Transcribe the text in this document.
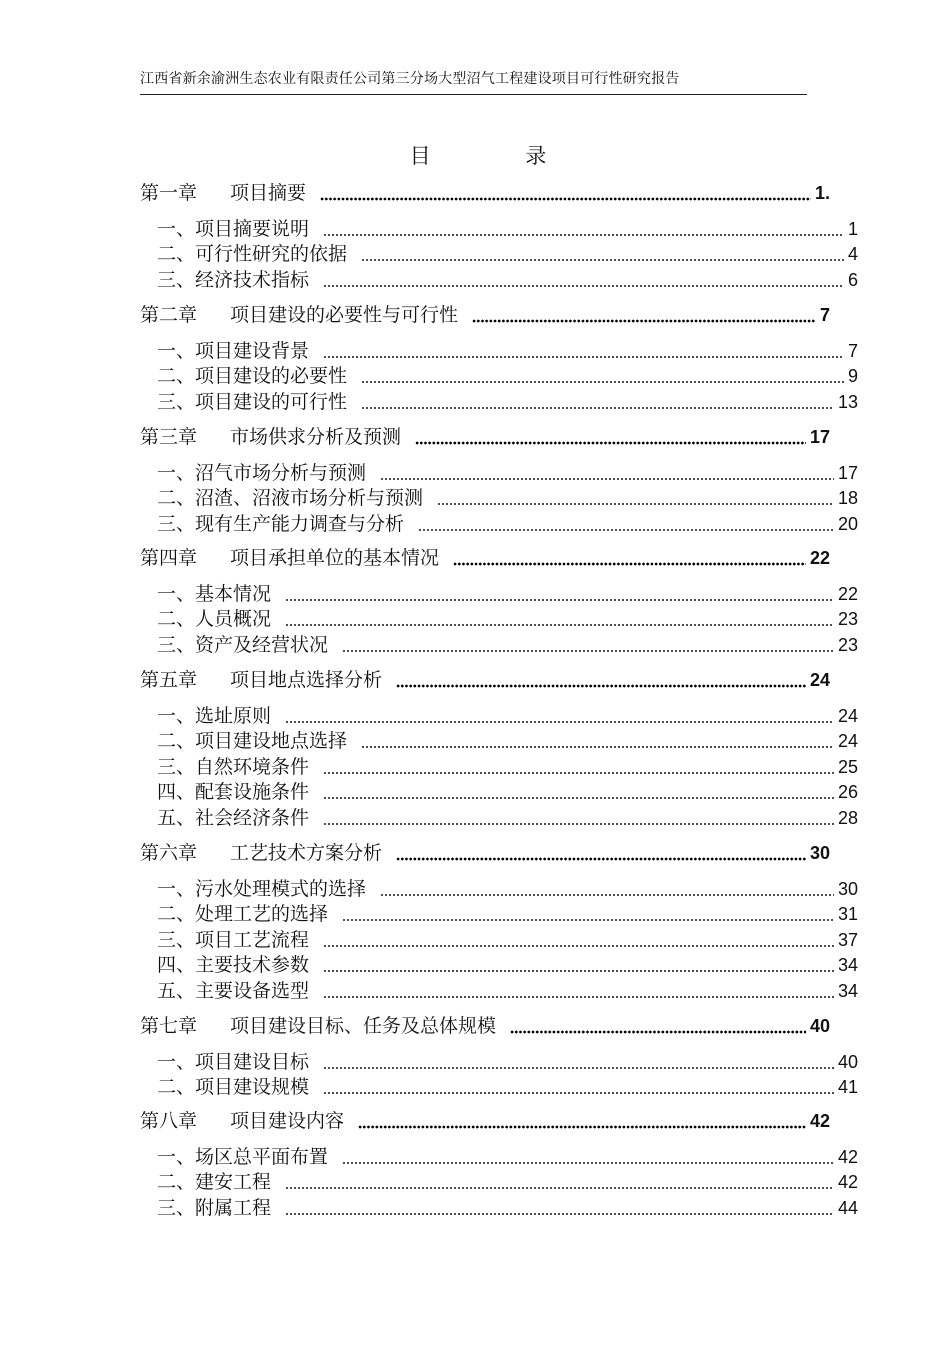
江西省新余渝洲生态农业有限责任公司第三分场大型沼气工程建设项目可行性研究报告
目 录
第一章	项目摘要	1.
一、项目摘要说明	1
二、可行性研究的依据	4
三、经济技术指标	6
第二章	项目建设的必要性与可行性	7
一、项目建设背景	7
二、项目建设的必要性	9
三、项目建设的可行性	13
第三章	市场供求分析及预测	17
一、沼气市场分析与预测	17
二、沼渣、沼液市场分析与预测	18
三、现有生产能力调查与分析	20
第四章	项目承担单位的基本情况	22
一、基本情况	22
二、人员概况	23
三、资产及经营状况	23
第五章	项目地点选择分析	24
一、选址原则	24
二、项目建设地点选择	24
三、自然环境条件	25
四、配套设施条件	26
五、社会经济条件	28
第六章	工艺技术方案分析	30
一、污水处理模式的选择	30
二、处理工艺的选择	31
三、项目工艺流程	37
四、主要技术参数	34
五、主要设备选型	34
第七章	项目建设目标、任务及总体规模	40
一、项目建设目标	40
二、项目建设规模	41
第八章	项目建设内容	42
一、场区总平面布置	42
二、建安工程	42
三、附属工程	44
